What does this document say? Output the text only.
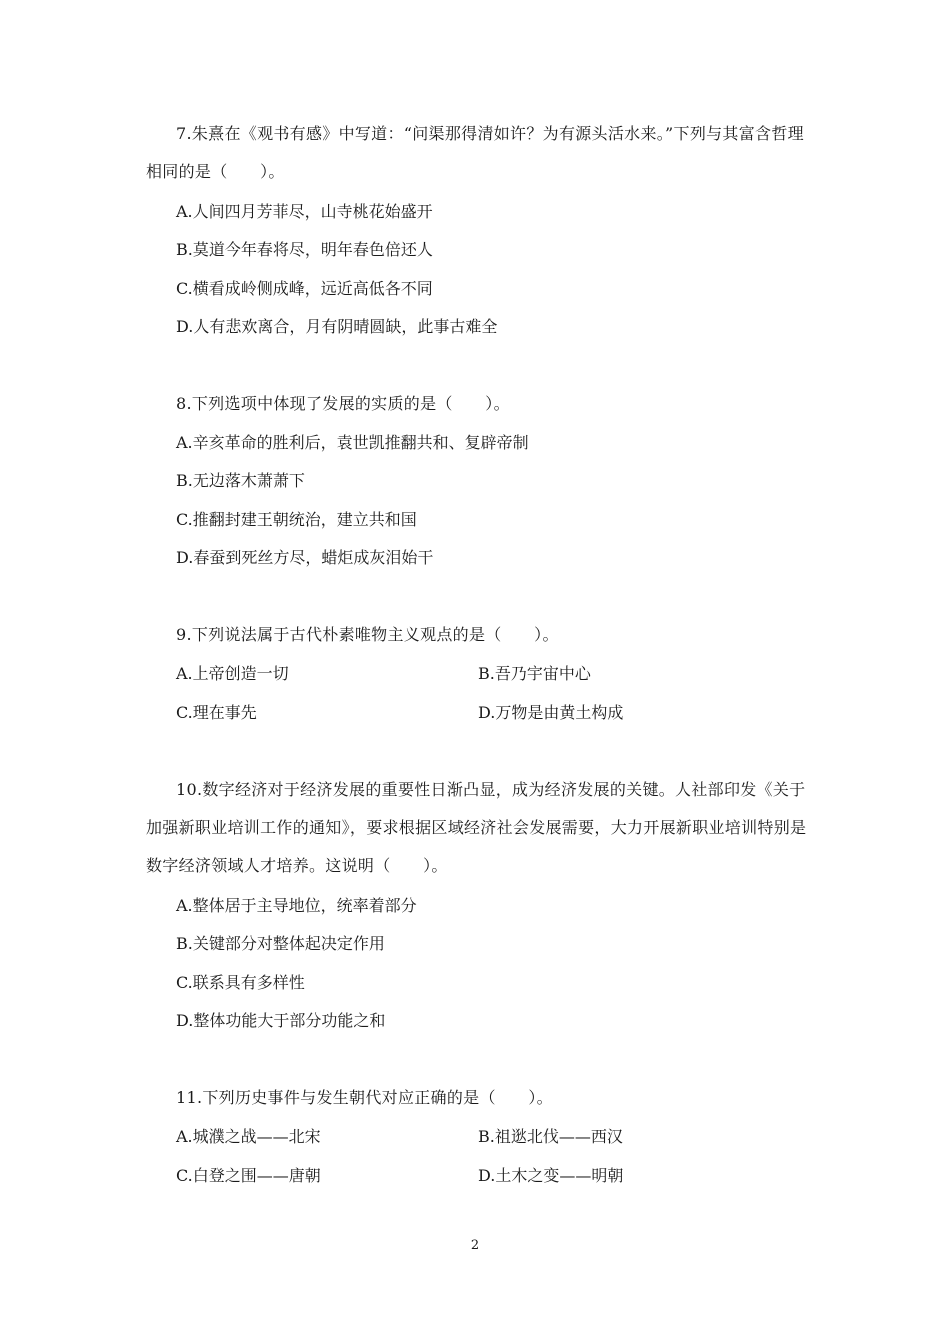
7.朱熹在《观书有感》中写道：“问渠那得清如许？为有源头活水来。”下列与其富含哲理相同的是（　　）。

A.人间四月芳菲尽，山寺桃花始盛开
B.莫道今年春将尽，明年春色倍还人
C.横看成岭侧成峰，远近高低各不同
D.人有悲欢离合，月有阴晴圆缺，此事古难全

8.下列选项中体现了发展的实质的是（　　）。

A.辛亥革命的胜利后，袁世凯推翻共和、复辟帝制
B.无边落木萧萧下
C.推翻封建王朝统治，建立共和国
D.春蚕到死丝方尽，蜡炬成灰泪始干

9.下列说法属于古代朴素唯物主义观点的是（　　）。

A.上帝创造一切	B.吾乃宇宙中心
C.理在事先	D.万物是由黄土构成

10.数字经济对于经济发展的重要性日渐凸显，成为经济发展的关键。人社部印发《关于加强新职业培训工作的通知》，要求根据区域经济社会发展需要，大力开展新职业培训特别是数字经济领域人才培养。这说明（　　）。

A.整体居于主导地位，统率着部分
B.关键部分对整体起决定作用
C.联系具有多样性
D.整体功能大于部分功能之和

11.下列历史事件与发生朝代对应正确的是（　　）。

A.城濮之战——北宋	B.祖逖北伐——西汉
C.白登之围——唐朝	D.土木之变——明朝
2
